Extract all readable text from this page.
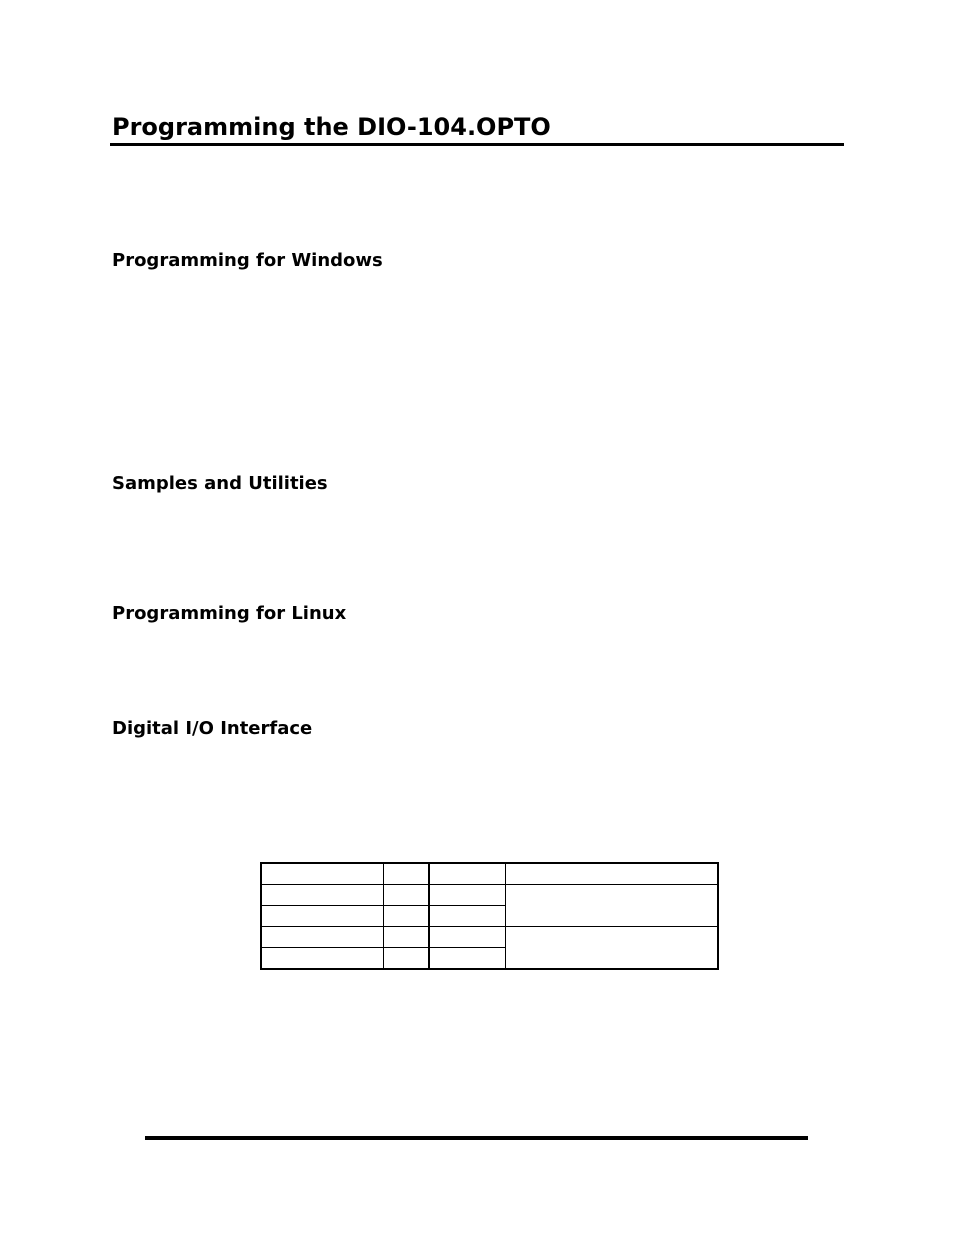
Programming the DIO-104.OPTO
Programming for Windows
Samples and Utilities
Programming for Linux
Digital I/O Interface
